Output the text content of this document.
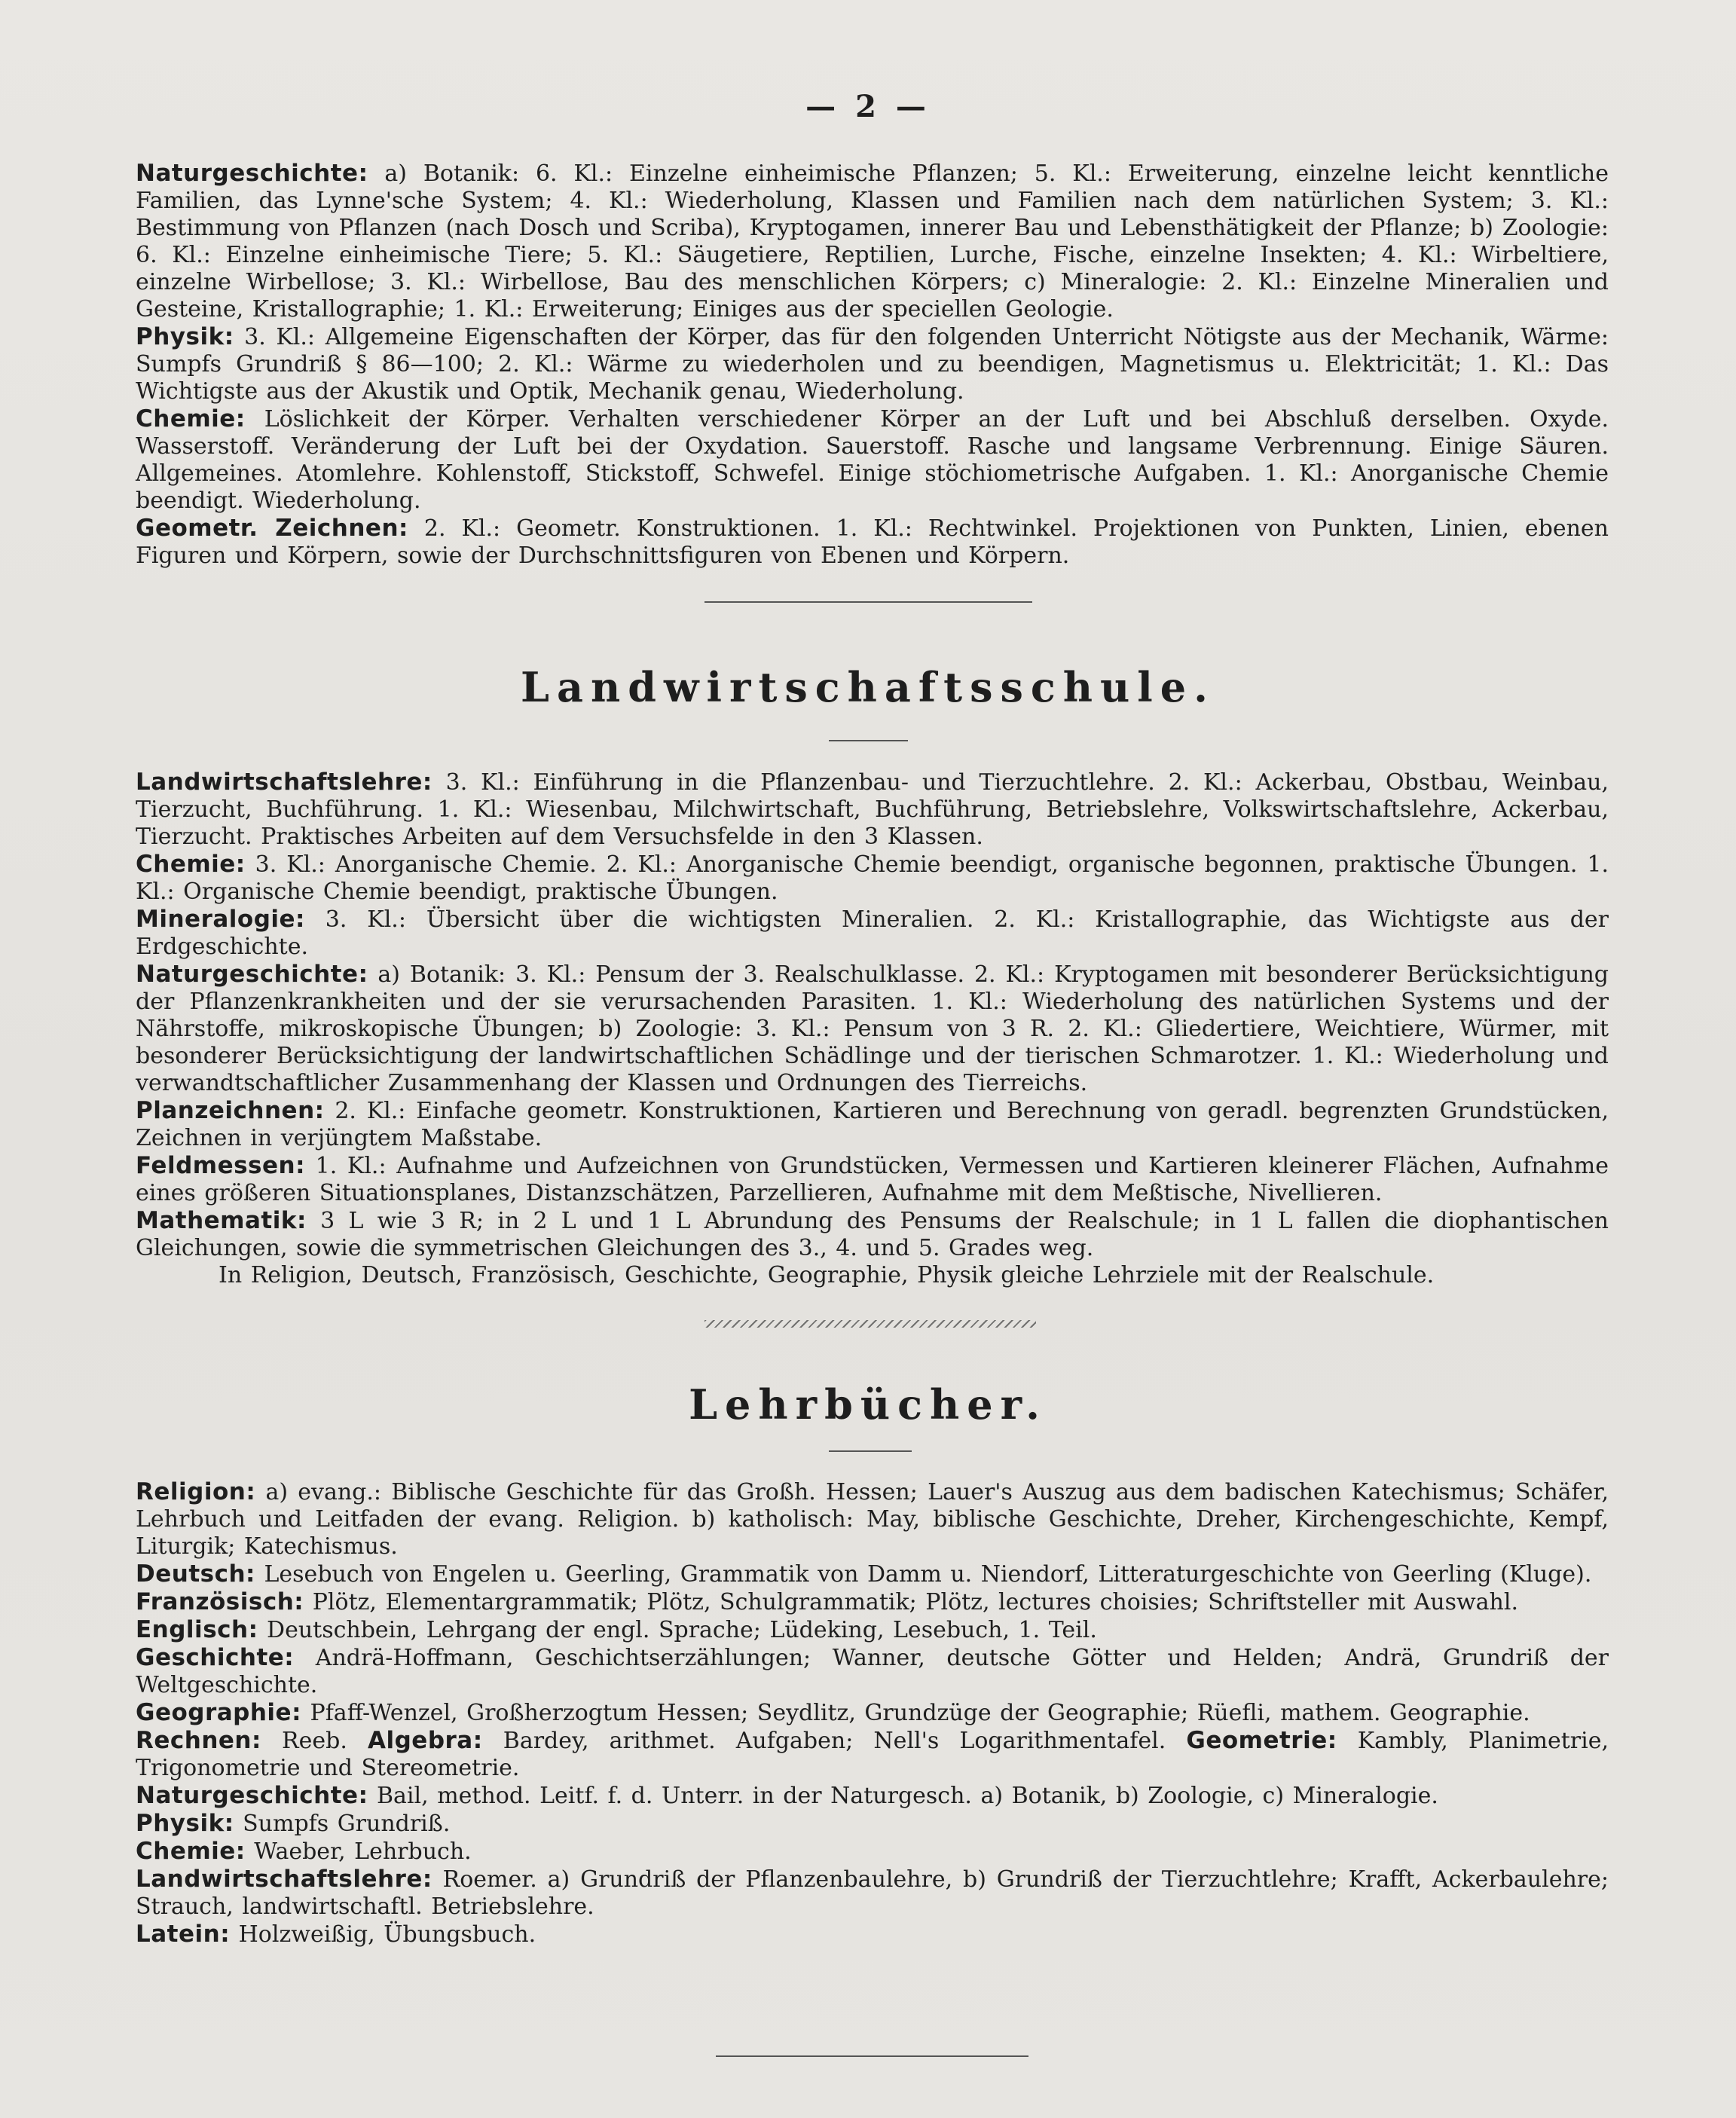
— 2 —

Naturgeschichte: a) Botanik: 6. Kl.: Einzelne einheimische Pflanzen; 5. Kl.: Erweiterung, einzelne leicht kenntliche Familien, das Lynne'sche System; 4. Kl.: Wiederholung, Klassen und Familien nach dem natürlichen System; 3. Kl.: Bestimmung von Pflanzen (nach Dosch und Scriba), Kryptogamen, innerer Bau und Lebensthätigkeit der Pflanze; b) Zoologie: 6. Kl.: Einzelne einheimische Tiere; 5. Kl.: Säugetiere, Reptilien, Lurche, Fische, einzelne Insekten; 4. Kl.: Wirbeltiere, einzelne Wirbellose; 3. Kl.: Wirbellose, Bau des menschlichen Körpers; c) Mineralogie: 2. Kl.: Einzelne Mineralien und Gesteine, Kristallographie; 1. Kl.: Erweiterung; Einiges aus der speciellen Geologie.

Physik: 3. Kl.: Allgemeine Eigenschaften der Körper, das für den folgenden Unterricht Nötigste aus der Mechanik, Wärme: Sumpfs Grundriß § 86—100; 2. Kl.: Wärme zu wiederholen und zu beendigen, Magnetismus u. Elektricität; 1. Kl.: Das Wichtigste aus der Akustik und Optik, Mechanik genau, Wiederholung.

Chemie: Löslichkeit der Körper. Verhalten verschiedener Körper an der Luft und bei Abschluß derselben. Oxyde. Wasserstoff. Veränderung der Luft bei der Oxydation. Sauerstoff. Rasche und langsame Verbrennung. Einige Säuren. Allgemeines. Atomlehre. Kohlenstoff, Stickstoff, Schwefel. Einige stöchiometrische Aufgaben. 1. Kl.: Anorganische Chemie beendigt. Wiederholung.

Geometr. Zeichnen: 2. Kl.: Geometr. Konstruktionen. 1. Kl.: Rechtwinkel. Projektionen von Punkten, Linien, ebenen Figuren und Körpern, sowie der Durchschnittsfiguren von Ebenen und Körpern.

Landwirtschaftsschule.

Landwirtschaftslehre: 3. Kl.: Einführung in die Pflanzenbau- und Tierzuchtlehre. 2. Kl.: Ackerbau, Obstbau, Weinbau, Tierzucht, Buchführung. 1. Kl.: Wiesenbau, Milchwirtschaft, Buchführung, Betriebslehre, Volkswirtschaftslehre, Ackerbau, Tierzucht. Praktisches Arbeiten auf dem Versuchsfelde in den 3 Klassen.

Chemie: 3. Kl.: Anorganische Chemie. 2. Kl.: Anorganische Chemie beendigt, organische begonnen, praktische Übungen. 1. Kl.: Organische Chemie beendigt, praktische Übungen.

Mineralogie: 3. Kl.: Übersicht über die wichtigsten Mineralien. 2. Kl.: Kristallographie, das Wichtigste aus der Erdgeschichte.

Naturgeschichte: a) Botanik: 3. Kl.: Pensum der 3. Realschulklasse. 2. Kl.: Kryptogamen mit besonderer Berücksichtigung der Pflanzenkrankheiten und der sie verursachenden Parasiten. 1. Kl.: Wiederholung des natürlichen Systems und der Nährstoffe, mikroskopische Übungen; b) Zoologie: 3. Kl.: Pensum von 3 R. 2. Kl.: Gliedertiere, Weichtiere, Würmer, mit besonderer Berücksichtigung der landwirtschaftlichen Schädlinge und der tierischen Schmarotzer. 1. Kl.: Wiederholung und verwandtschaftlicher Zusammenhang der Klassen und Ordnungen des Tierreichs.

Planzeichnen: 2. Kl.: Einfache geometr. Konstruktionen, Kartieren und Berechnung von geradl. begrenzten Grundstücken, Zeichnen in verjüngtem Maßstabe.

Feldmessen: 1. Kl.: Aufnahme und Aufzeichnen von Grundstücken, Vermessen und Kartieren kleinerer Flächen, Aufnahme eines größeren Situationsplanes, Distanzschätzen, Parzellieren, Aufnahme mit dem Meßtische, Nivellieren.

Mathematik: 3 L wie 3 R; in 2 L und 1 L Abrundung des Pensums der Realschule; in 1 L fallen die diophantischen Gleichungen, sowie die symmetrischen Gleichungen des 3., 4. und 5. Grades weg.

In Religion, Deutsch, Französisch, Geschichte, Geographie, Physik gleiche Lehrziele mit der Realschule.

Lehrbücher.

Religion: a) evang.: Biblische Geschichte für das Großh. Hessen; Lauer's Auszug aus dem badischen Katechismus; Schäfer, Lehrbuch und Leitfaden der evang. Religion. b) katholisch: May, biblische Geschichte, Dreher, Kirchengeschichte, Kempf, Liturgik; Katechismus.

Deutsch: Lesebuch von Engelen u. Geerling, Grammatik von Damm u. Niendorf, Litteraturgeschichte von Geerling (Kluge).

Französisch: Plötz, Elementargrammatik; Plötz, Schulgrammatik; Plötz, lectures choisies; Schriftsteller mit Auswahl.

Englisch: Deutschbein, Lehrgang der engl. Sprache; Lüdeking, Lesebuch, 1. Teil.

Geschichte: Andrä-Hoffmann, Geschichtserzählungen; Wanner, deutsche Götter und Helden; Andrä, Grundriß der Weltgeschichte.

Geographie: Pfaff-Wenzel, Großherzogtum Hessen; Seydlitz, Grundzüge der Geographie; Rüefli, mathem. Geographie.

Rechnen: Reeb. Algebra: Bardey, arithmet. Aufgaben; Nell's Logarithmentafel. Geometrie: Kambly, Planimetrie, Trigonometrie und Stereometrie.

Naturgeschichte: Bail, method. Leitf. f. d. Unterr. in der Naturgesch. a) Botanik, b) Zoologie, c) Mineralogie.

Physik: Sumpfs Grundriß.

Chemie: Waeber, Lehrbuch.

Landwirtschaftslehre: Roemer. a) Grundriß der Pflanzenbaulehre, b) Grundriß der Tierzuchtlehre; Krafft, Ackerbaulehre; Strauch, landwirtschaftl. Betriebslehre.

Latein: Holzweißig, Übungsbuch.
